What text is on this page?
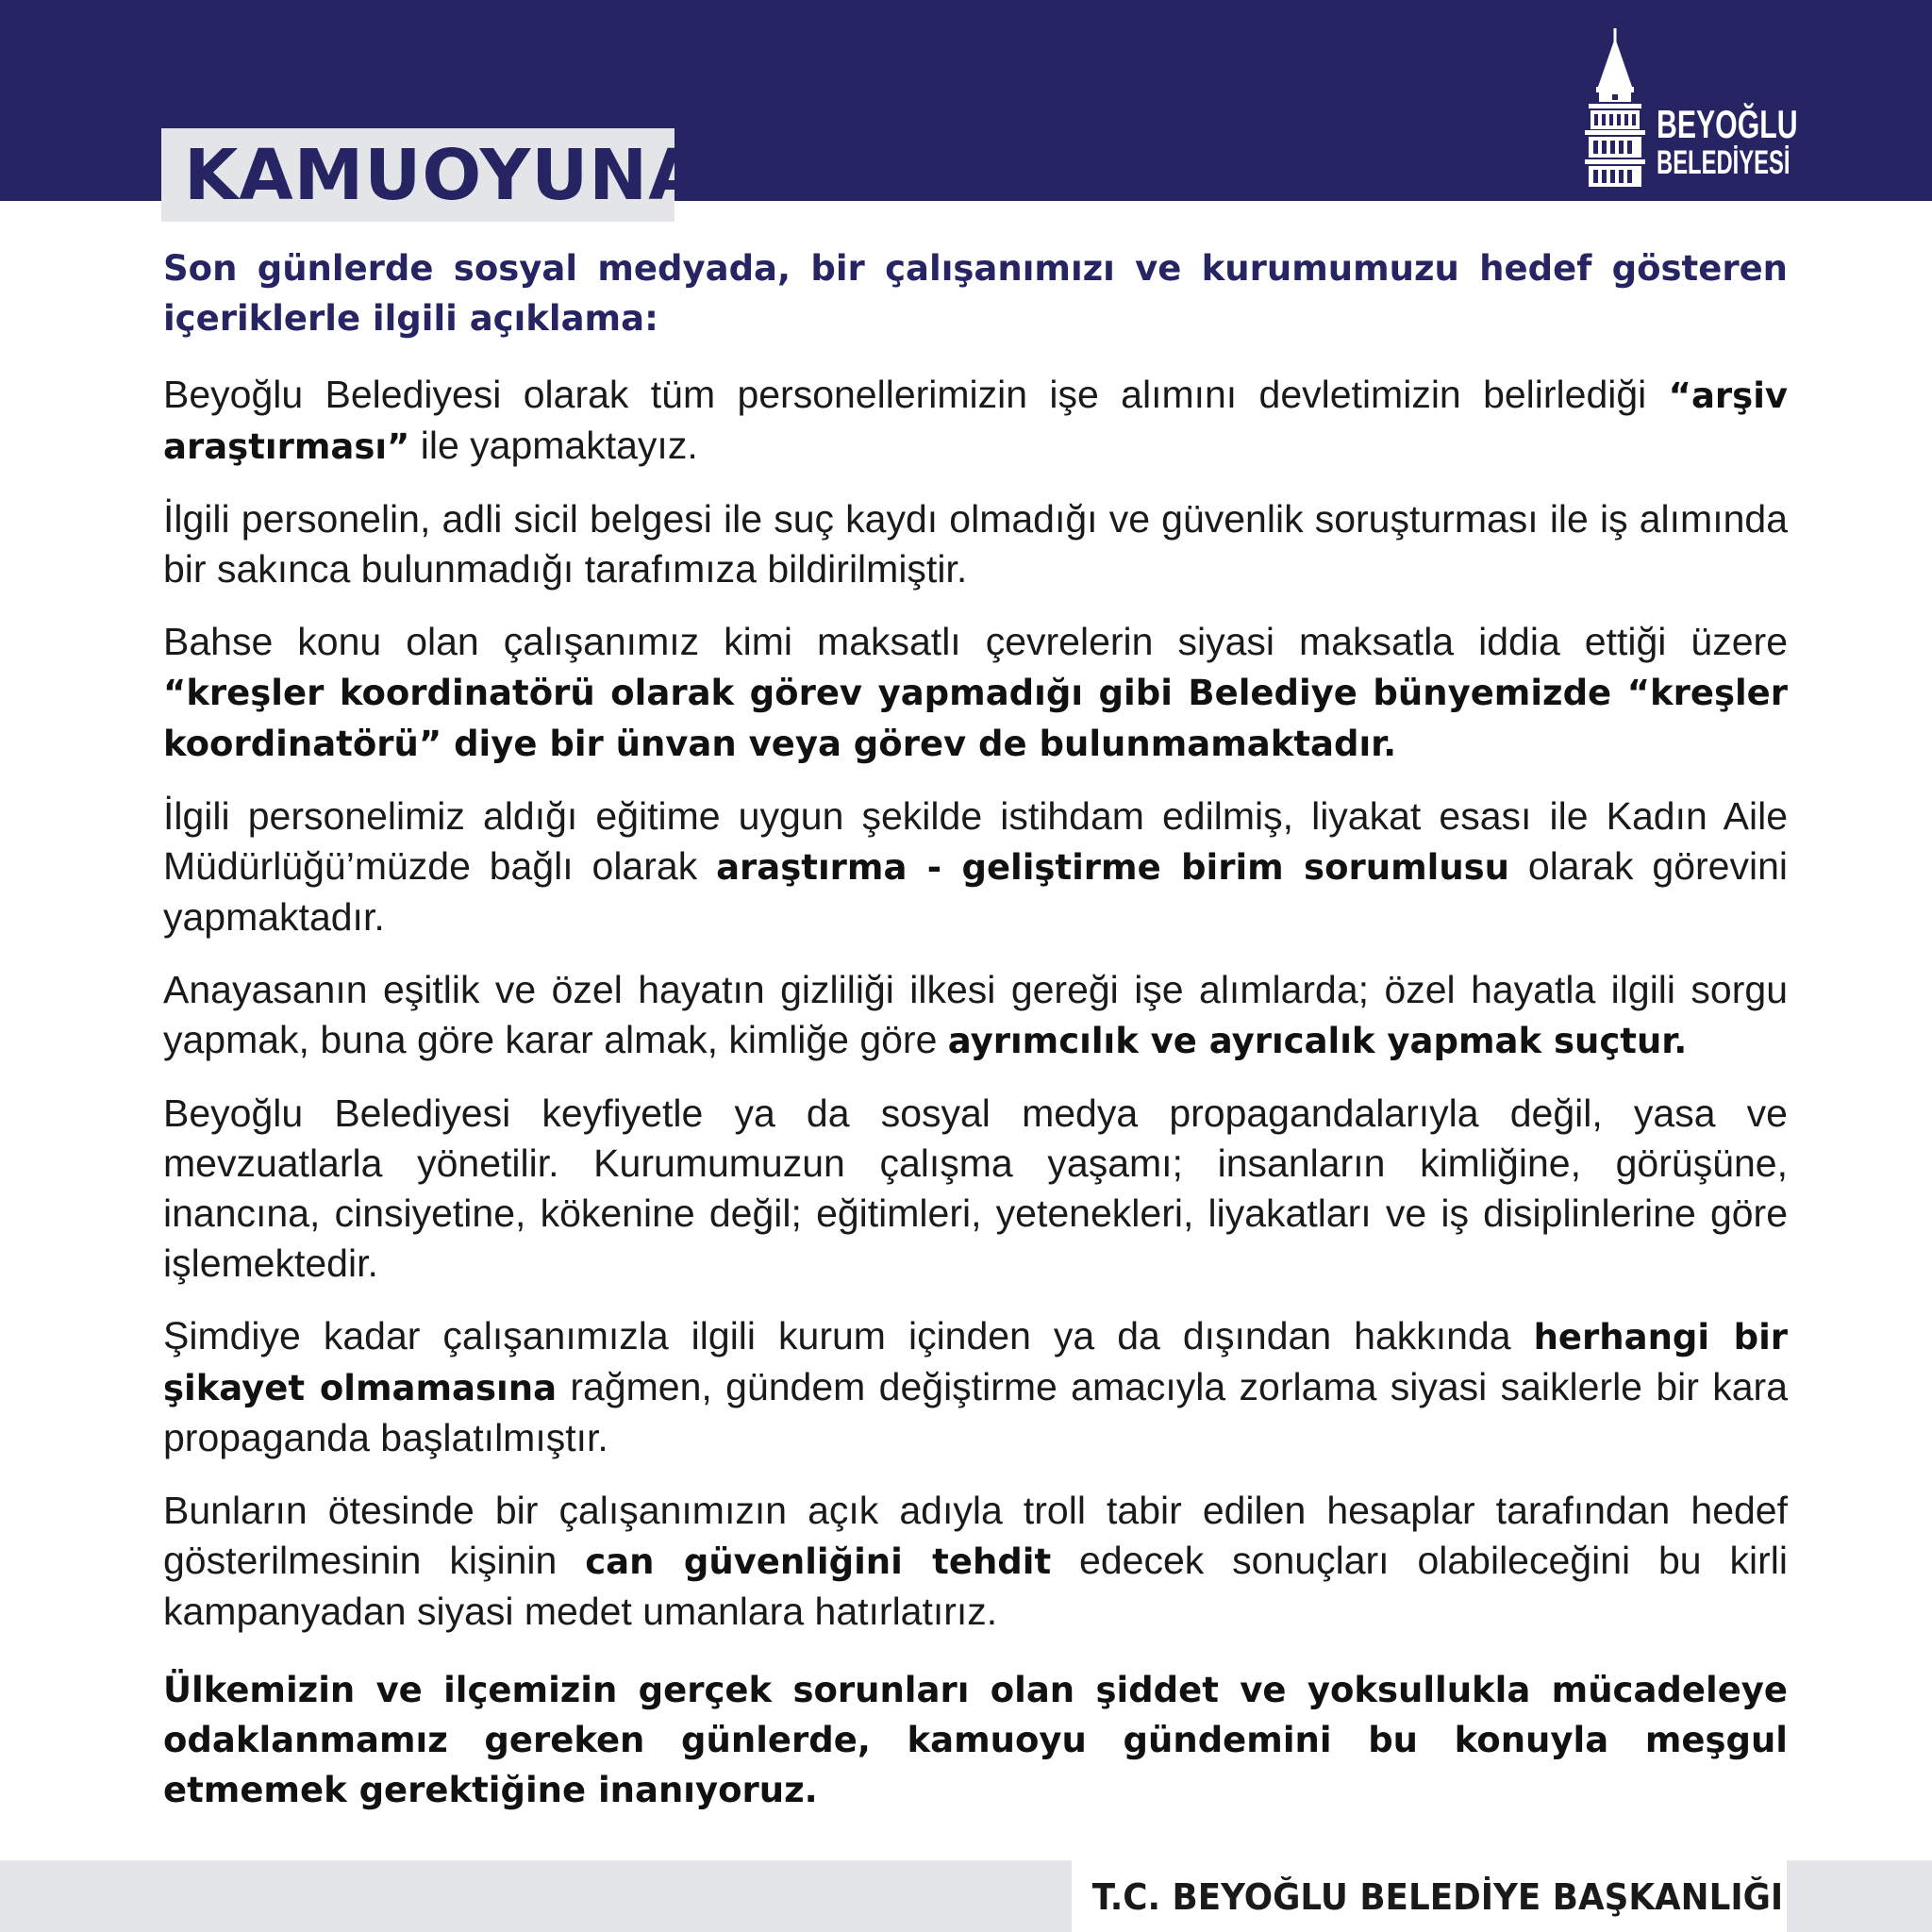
KAMUOYUNA
BEYOĞLU
BELEDİYESİ

Son günlerde sosyal medyada, bir çalışanımızı ve kurumumuzu hedef gösteren içeriklerle ilgili açıklama:

Beyoğlu Belediyesi olarak tüm personellerimizin işe alımını devletimizin belirlediği “arşiv araştırması” ile yapmaktayız.

İlgili personelin, adli sicil belgesi ile suç kaydı olmadığı ve güvenlik soruşturması ile iş alımında bir sakınca bulunmadığı tarafımıza bildirilmiştir.

Bahse konu olan çalışanımız kimi maksatlı çevrelerin siyasi maksatla iddia ettiği üzere “kreşler koordinatörü olarak görev yapmadığı gibi Belediye bünyemizde “kreşler koordinatörü” diye bir ünvan veya görev de bulunmamaktadır.

İlgili personelimiz aldığı eğitime uygun şekilde istihdam edilmiş, liyakat esası ile Kadın Aile Müdürlüğü’müzde bağlı olarak araştırma - geliştirme birim sorumlusu olarak görevini yapmaktadır.

Anayasanın eşitlik ve özel hayatın gizliliği ilkesi gereği işe alımlarda; özel hayatla ilgili sorgu yapmak, buna göre karar almak, kimliğe göre ayrımcılık ve ayrıcalık yapmak suçtur.

Beyoğlu Belediyesi keyfiyetle ya da sosyal medya propagandalarıyla değil, yasa ve mevzuatlarla yönetilir. Kurumumuzun çalışma yaşamı; insanların kimliğine, görüşüne, inancına, cinsiyetine, kökenine değil; eğitimleri, yetenekleri, liyakatları ve iş disiplinlerine göre işlemektedir.

Şimdiye kadar çalışanımızla ilgili kurum içinden ya da dışından hakkında herhangi bir şikayet olmamasına rağmen, gündem değiştirme amacıyla zorlama siyasi saiklerle bir kara propaganda başlatılmıştır.

Bunların ötesinde bir çalışanımızın açık adıyla troll tabir edilen hesaplar tarafından hedef gösterilmesinin kişinin can güvenliğini tehdit edecek sonuçları olabileceğini bu kirli kampanyadan siyasi medet umanlara hatırlatırız.

Ülkemizin ve ilçemizin gerçek sorunları olan şiddet ve yoksullukla mücadeleye odaklanmamız gereken günlerde, kamuoyu gündemini bu konuyla meşgul etmemek gerektiğine inanıyoruz.

T.C. BEYOĞLU BELEDİYE BAŞKANLIĞI
